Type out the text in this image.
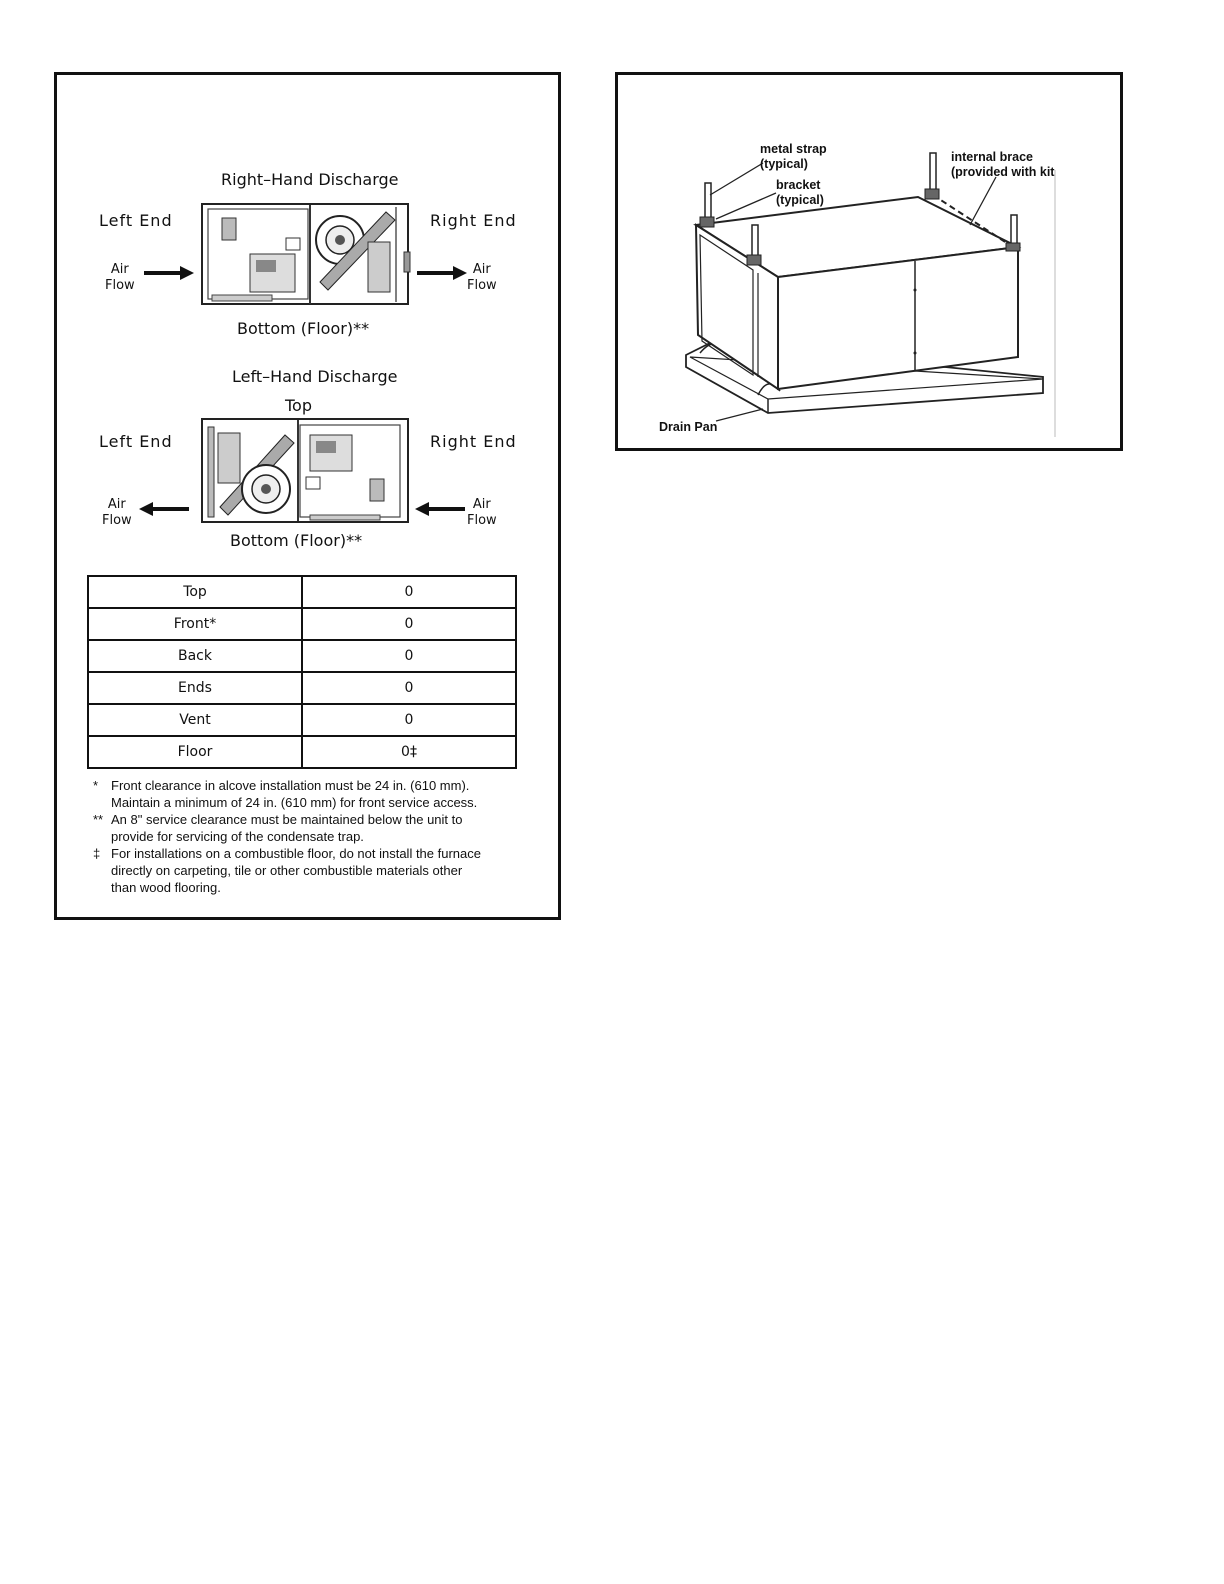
Right–Hand Discharge
Left End	Right End
Air
Flow
Air
Flow
Bottom (Floor)**
Left–Hand Discharge
Top
Left End	Right End
Air
Flow
Air
Flow
Bottom (Floor)**
Top	0
Front*	0
Back	0
Ends	0
Vent	0
Floor	0‡
* Front clearance in alcove installation must be 24 in. (610 mm).
Maintain a minimum of 24 in. (610 mm) for front service access.
** An 8" service clearance must be maintained below the unit to
provide for servicing of the condensate trap.
‡ For installations on a combustible floor, do not install the furnace
directly on carpeting, tile or other combustible materials other
than wood flooring.
metal strap
(typical)
bracket
(typical)
internal brace
(provided with kit
Drain Pan
